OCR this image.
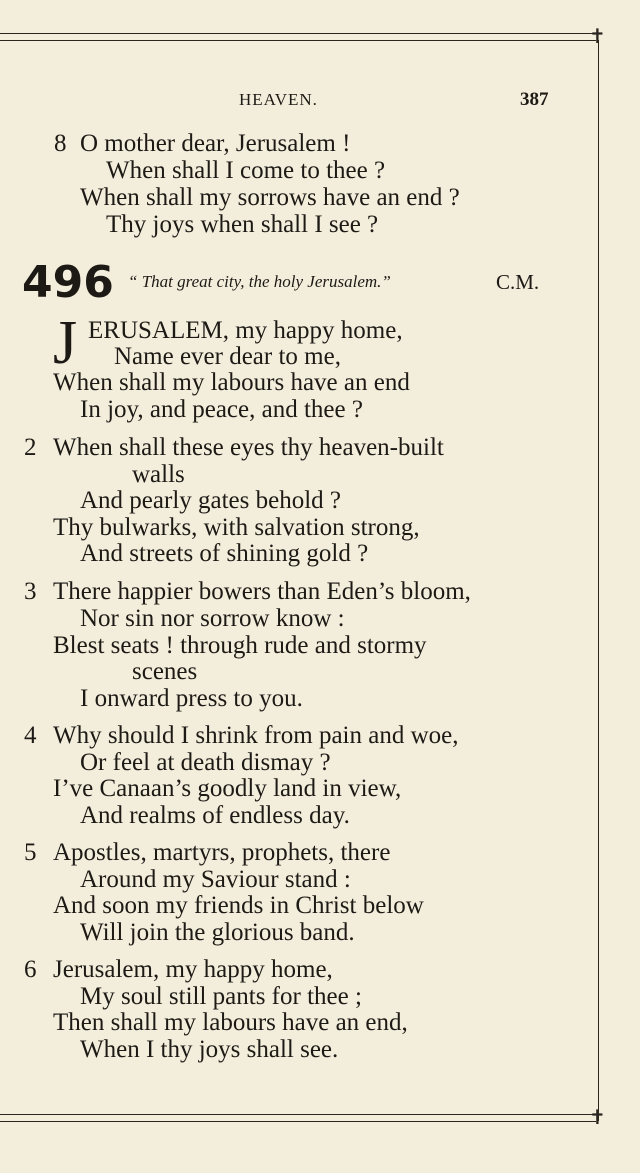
✝
✝
HEAVEN.	387
8 O mother dear, Jerusalem !
When shall I come to thee ?
When shall my sorrows have an end ?
Thy joys when shall I see ?
496 “ That great city, the holy Jerusalem.”	C.M.
J ERUSALEM, my happy home,
Name ever dear to me,
When shall my labours have an end
In joy, and peace, and thee ?
2 When shall these eyes thy heaven-built
walls
And pearly gates behold ?
Thy bulwarks, with salvation strong,
And streets of shining gold ?
3 There happier bowers than Eden’s bloom,
Nor sin nor sorrow know :
Blest seats ! through rude and stormy
scenes
I onward press to you.
4 Why should I shrink from pain and woe,
Or feel at death dismay ?
I’ve Canaan’s goodly land in view,
And realms of endless day.
5 Apostles, martyrs, prophets, there
Around my Saviour stand :
And soon my friends in Christ below
Will join the glorious band.
6 Jerusalem, my happy home,
My soul still pants for thee ;
Then shall my labours have an end,
When I thy joys shall see.
